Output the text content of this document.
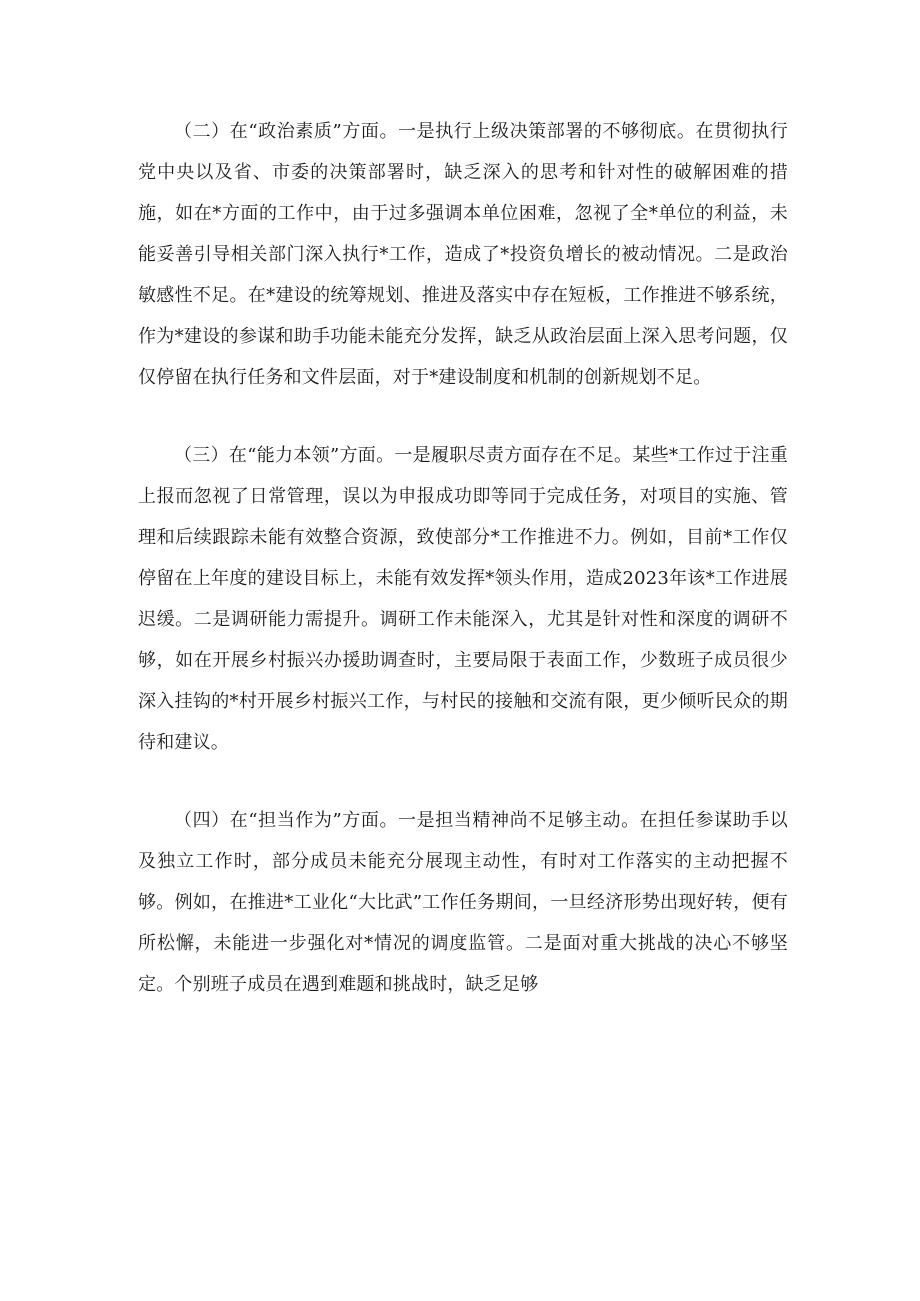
（二）在“政治素质”方面。一是执行上级决策部署的不够彻底。在贯彻执行党中央以及省、市委的决策部署时，缺乏深入的思考和针对性的破解困难的措施，如在*方面的工作中，由于过多强调本单位困难，忽视了全*单位的利益，未能妥善引导相关部门深入执行*工作，造成了*投资负增长的被动情况。二是政治敏感性不足。在*建设的统筹规划、推进及落实中存在短板，工作推进不够系统，作为*建设的参谋和助手功能未能充分发挥，缺乏从政治层面上深入思考问题，仅仅停留在执行任务和文件层面，对于*建设制度和机制的创新规划不足。

（三）在“能力本领”方面。一是履职尽责方面存在不足。某些*工作过于注重上报而忽视了日常管理，误以为申报成功即等同于完成任务，对项目的实施、管理和后续跟踪未能有效整合资源，致使部分*工作推进不力。例如，目前*工作仅停留在上年度的建设目标上，未能有效发挥*领头作用，造成2023年该*工作进展迟缓。二是调研能力需提升。调研工作未能深入，尤其是针对性和深度的调研不够，如在开展乡村振兴办援助调查时，主要局限于表面工作，少数班子成员很少深入挂钩的*村开展乡村振兴工作，与村民的接触和交流有限，更少倾听民众的期待和建议。

（四）在“担当作为”方面。一是担当精神尚不足够主动。在担任参谋助手以及独立工作时，部分成员未能充分展现主动性，有时对工作落实的主动把握不够。例如，在推进*工业化“大比武”工作任务期间，一旦经济形势出现好转，便有所松懈，未能进一步强化对*情况的调度监管。二是面对重大挑战的决心不够坚定。个别班子成员在遇到难题和挑战时，缺乏足够
